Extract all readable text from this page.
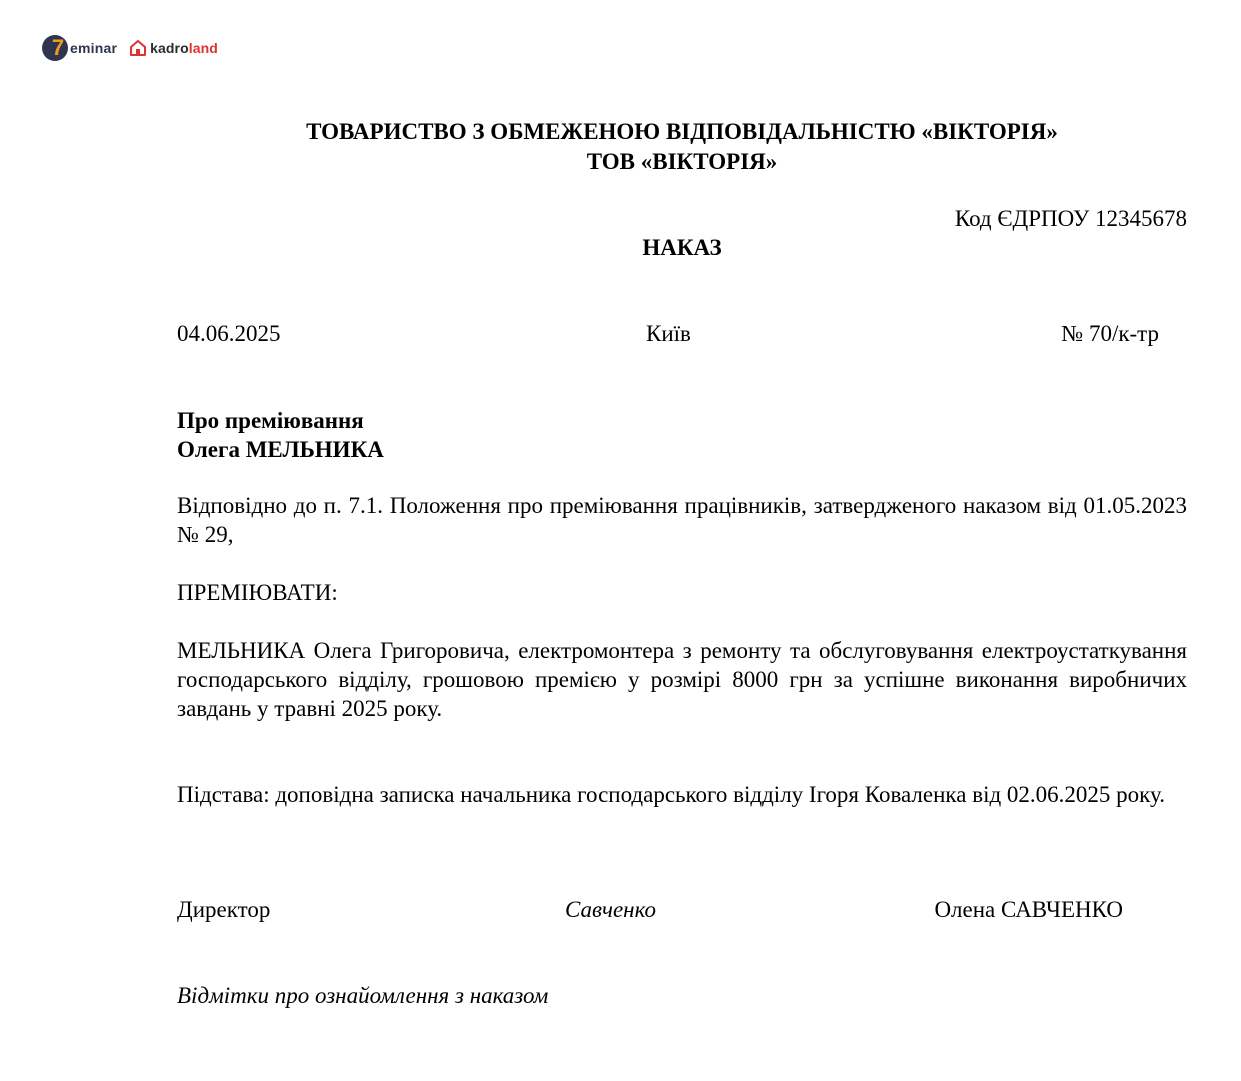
7 eminar kadroland
ТОВАРИСТВО З ОБМЕЖЕНОЮ ВІДПОВІДАЛЬНІСТЮ «ВІКТОРІЯ»
ТОВ «ВІКТОРІЯ»
Код ЄДРПОУ 12345678
НАКАЗ
04.06.2025	Київ	№ 70/к-тр
Про преміювання
Олега МЕЛЬНИКА
Відповідно до п. 7.1. Положення про преміювання працівників, затвердженого наказом від 01.05.2023 № 29,
ПРЕМІЮВАТИ:
МЕЛЬНИКА Олега Григоровича, електромонтера з ремонту та обслуговування електроустаткування господарського відділу, грошовою премією у розмірі 8000 грн за успішне виконання виробничих завдань у травні 2025 року.
Підстава: доповідна записка начальника господарського відділу Ігоря Коваленка від 02.06.2025 року.
Директор	Савченко	Олена САВЧЕНКО
Відмітки про ознайомлення з наказом
